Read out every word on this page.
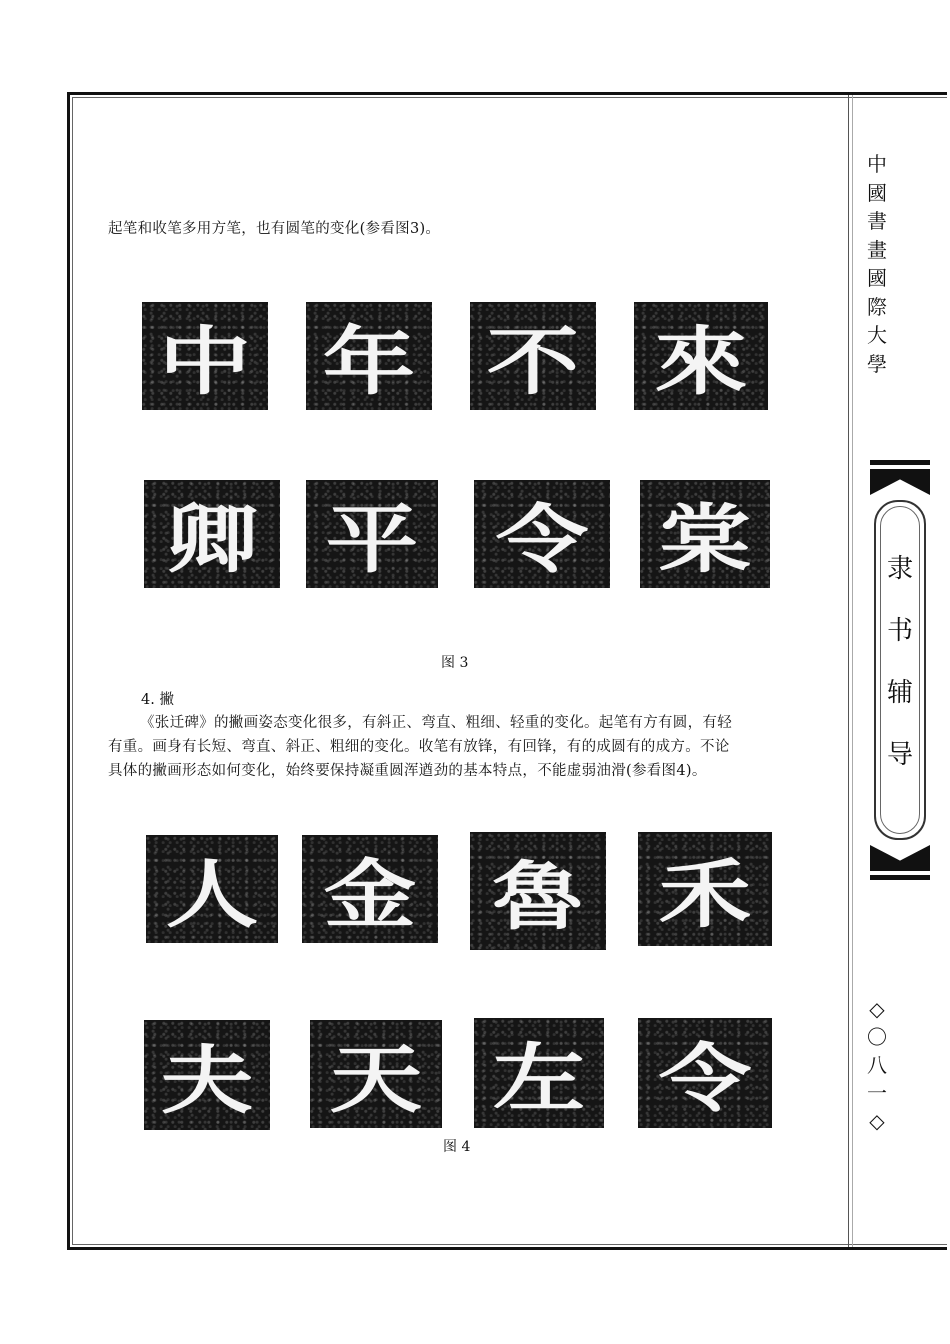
中
國
書
畫
國
際
大
學
隶
书
辅
导
◇
〇
八
一
◇
起笔和收笔多用方笔，也有圆笔的变化(参看图3)。
中 年 不 來
卿 平 令 棠
图 3
4. 撇
《张迁碑》的撇画姿态变化很多，有斜正、弯直、粗细、轻重的变化。起笔有方有圆，有轻
有重。画身有长短、弯直、斜正、粗细的变化。收笔有放锋，有回锋，有的成圆有的成方。不论
具体的撇画形态如何变化，始终要保持凝重圆浑遒劲的基本特点，不能虚弱油滑(参看图4)。
人 金 魯 禾
夫 天 左 令
图 4
